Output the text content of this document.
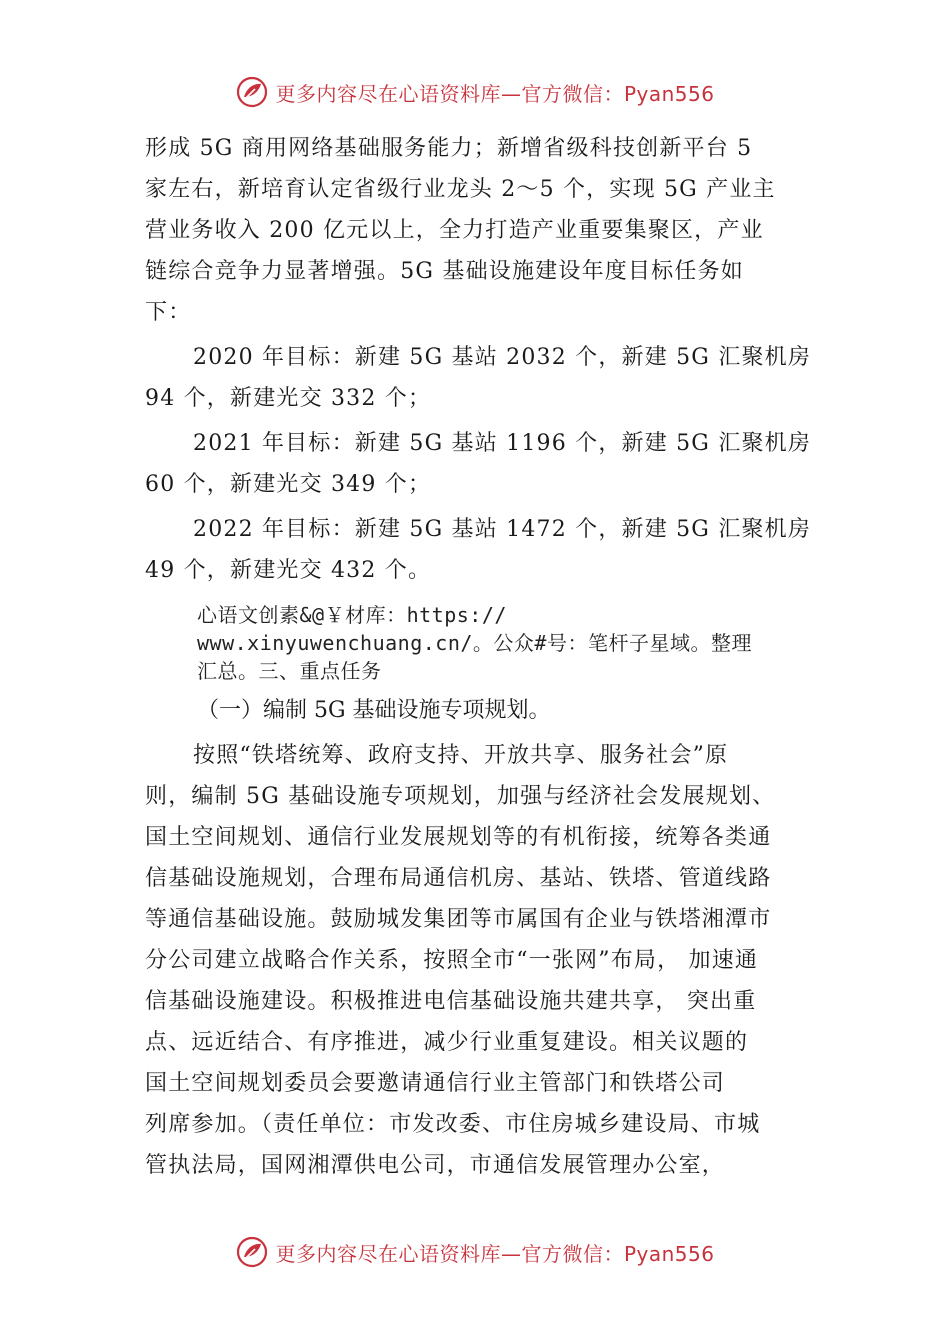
更多内容尽在心语资料库—官方微信：Pyan556
形成 5G 商用网络基础服务能力；新增省级科技创新平台 5
家左右，新培育认定省级行业龙头 2～5 个，实现 5G 产业主
营业务收入 200 亿元以上，全力打造产业重要集聚区，产业
链综合竞争力显著增强。5G 基础设施建设年度目标任务如
下：
2020 年目标：新建 5G 基站 2032 个，新建 5G 汇聚机房
94 个，新建光交 332 个；
2021 年目标：新建 5G 基站 1196 个，新建 5G 汇聚机房
60 个，新建光交 349 个；
2022 年目标：新建 5G 基站 1472 个，新建 5G 汇聚机房
49 个，新建光交 432 个。
心语文创素&@￥材库：https://
www.xinyuwenchuang.cn/。公众#号：笔杆子星域。整理
汇总。三、重点任务
（一）编制 5G 基础设施专项规划。
按照“铁塔统筹、政府支持、开放共享、服务社会”原
则，编制 5G 基础设施专项规划，加强与经济社会发展规划、
国土空间规划、通信行业发展规划等的有机衔接，统筹各类通
信基础设施规划，合理布局通信机房、基站、铁塔、管道线路
等通信基础设施。鼓励城发集团等市属国有企业与铁塔湘潭市
分公司建立战略合作关系，按照全市“一张网”布局， 加速通
信基础设施建设。积极推进电信基础设施共建共享， 突出重
点、远近结合、有序推进，减少行业重复建设。相关议题的
国土空间规划委员会要邀请通信行业主管部门和铁塔公司
列席参加。（责任单位：市发改委、市住房城乡建设局、市城
管执法局，国网湘潭供电公司，市通信发展管理办公室，
更多内容尽在心语资料库—官方微信：Pyan556
